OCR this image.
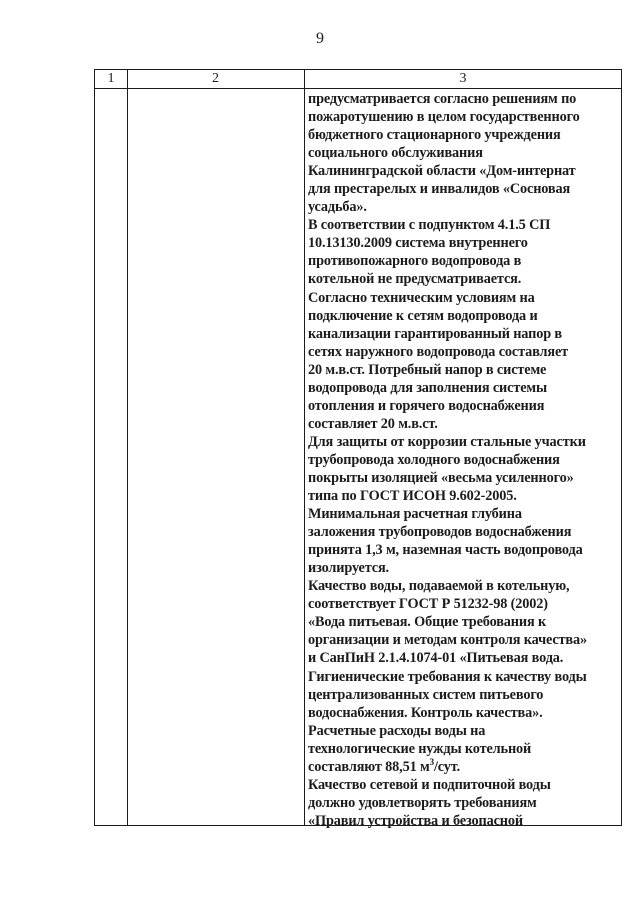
9
1	2	3
предусматривается согласно решениям по
пожаротушению в целом государственного
бюджетного стационарного учреждения
социального обслуживания
Калининградской области «Дом-интернат
для престарелых и инвалидов «Сосновая
усадьба».
В соответствии с подпунктом 4.1.5 СП
10.13130.2009 система внутреннего
противопожарного водопровода в
котельной не предусматривается.
Согласно техническим условиям на
подключение к сетям водопровода и
канализации гарантированный напор в
сетях наружного водопровода составляет
20 м.в.ст. Потребный напор в системе
водопровода для заполнения системы
отопления и горячего водоснабжения
составляет 20 м.в.ст.
Для защиты от коррозии стальные участки
трубопровода холодного водоснабжения
покрыты изоляцией «весьма усиленного»
типа по ГОСТ ИСОН 9.602-2005.
Минимальная расчетная глубина
заложения трубопроводов водоснабжения
принята 1,3 м, наземная часть водопровода
изолируется.
Качество воды, подаваемой в котельную,
соответствует ГОСТ Р 51232-98 (2002)
«Вода питьевая. Общие требования к
организации и методам контроля качества»
и СанПиН 2.1.4.1074-01 «Питьевая вода.
Гигиенические требования к качеству воды
централизованных систем питьевого
водоснабжения. Контроль качества».
Расчетные расходы воды на
технологические нужды котельной
составляют 88,51 $м^3$/сут.
Качество сетевой и подпиточной воды
должно удовлетворять требованиям
«Правил устройства и безопасной
